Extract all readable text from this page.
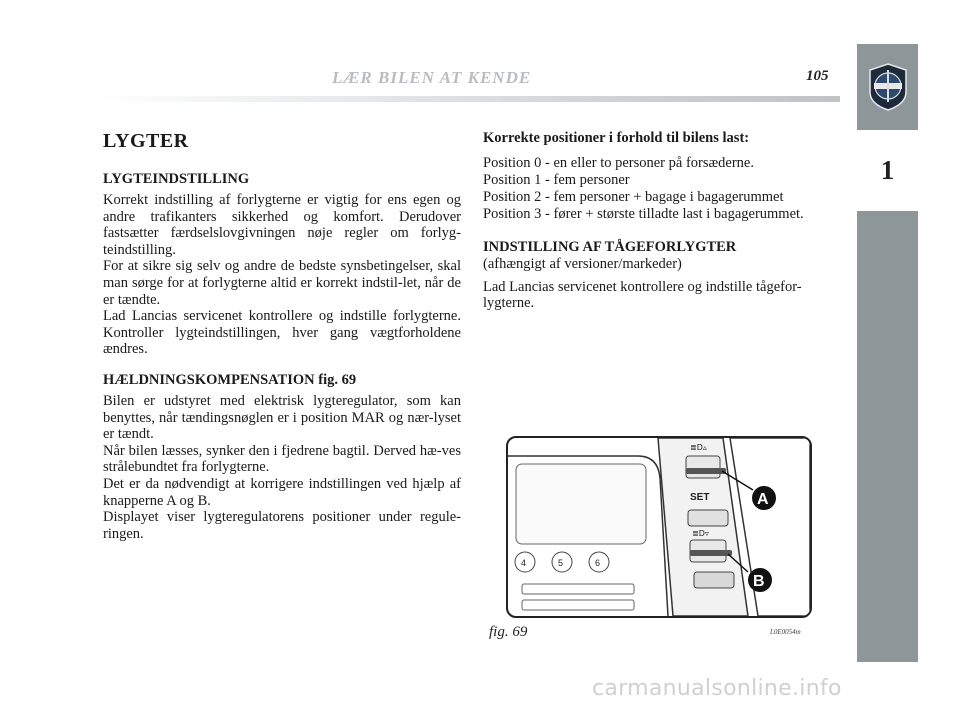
LÆR BILEN AT KENDE	105
1
LYGTER
LYGTEINDSTILLING

Korrekt indstilling af forlygterne er vigtig for ens egen og andre trafikanters sikkerhed og komfort. Derudover fastsætter færdselslovgivningen nøje regler om forlyg-teindstilling.

For at sikre sig selv og andre de bedste synsbetingelser, skal man sørge for at forlygterne altid er korrekt indstil-let, når de er tændte.

Lad Lancias servicenet kontrollere og indstille forlygterne. Kontroller lygteindstillingen, hver gang vægtforholdene ændres.

HÆLDNINGSKOMPENSATION fig. 69

Bilen er udstyret med elektrisk lygteregulator, som kan benyttes, når tændingsnøglen er i position MAR og nær-lyset er tændt.

Når bilen læsses, synker den i fjedrene bagtil. Derved hæ-ves strålebundtet fra forlygterne.

Det er da nødvendigt at korrigere indstillingen ved hjælp af knapperne A og B.

Displayet viser lygteregulatorens positioner under regule-ringen.

Korrekte positioner i forhold til bilens last:
Position 0 - en eller to personer på forsæderne.
Position 1 - fem personer
Position 2 - fem personer + bagage i bagagerummet
Position 3 - fører + største tilladte last i bagagerummet.
INDSTILLING AF TÅGEFORLYGTER
(afhængigt af versioner/markeder)

Lad Lancias servicenet kontrollere og indstille tågefor-lygterne.

SET
≣D▵
≣D▿
4	5	6
A
B
fig. 69	L0E0054m
carmanualsonline.info
